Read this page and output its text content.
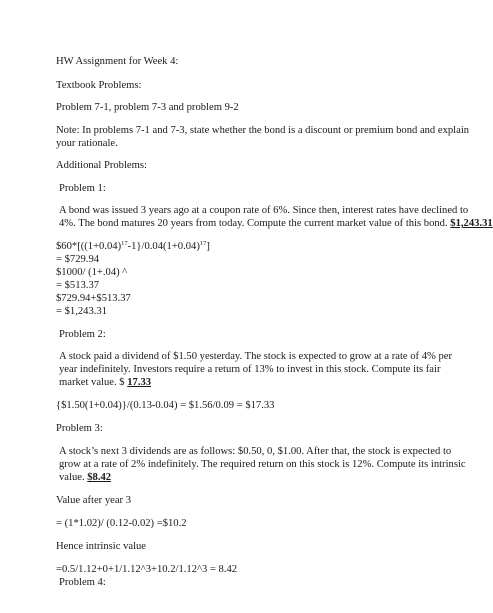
HW Assignment for Week 4:
Textbook Problems:
Problem 7-1, problem 7-3 and problem 9-2
Note: In problems 7-1 and 7-3, state whether the bond is a discount or premium bond and explain
your rationale.
Additional Problems:
Problem 1:
A bond was issued 3 years ago at a coupon rate of 6%. Since then, interest rates have declined to
4%. The bond matures 20 years from today. Compute the current market value of this bond. $1,243.31
$\$60*[((1+0.04)^{17}-1\}/0.04(1+0.04)^{17}]$
= $729.94
$1000/ (1+.04) ^
= $513.37
$729.94+$513.37
= $1,243.31
Problem 2:
A stock paid a dividend of $1.50 yesterday. The stock is expected to grow at a rate of 4% per
year indefinitely. Investors require a return of 13% to invest in this stock. Compute its fair
market value. $ 17.33
{$1.50(1+0.04)}/(0.13-0.04) = $1.56/0.09 = $17.33
Problem 3:
A stock’s next 3 dividends are as follows: $0.50, 0, $1.00. After that, the stock is expected to
grow at a rate of 2% indefinitely. The required return on this stock is 12%. Compute its intrinsic
value. $8.42
Value after year 3
= (1*1.02)/ (0.12-0.02) =$10.2
Hence intrinsic value
=0.5/1.12+0+1/1.12^3+10.2/1.12^3 = 8.42
Problem 4:
